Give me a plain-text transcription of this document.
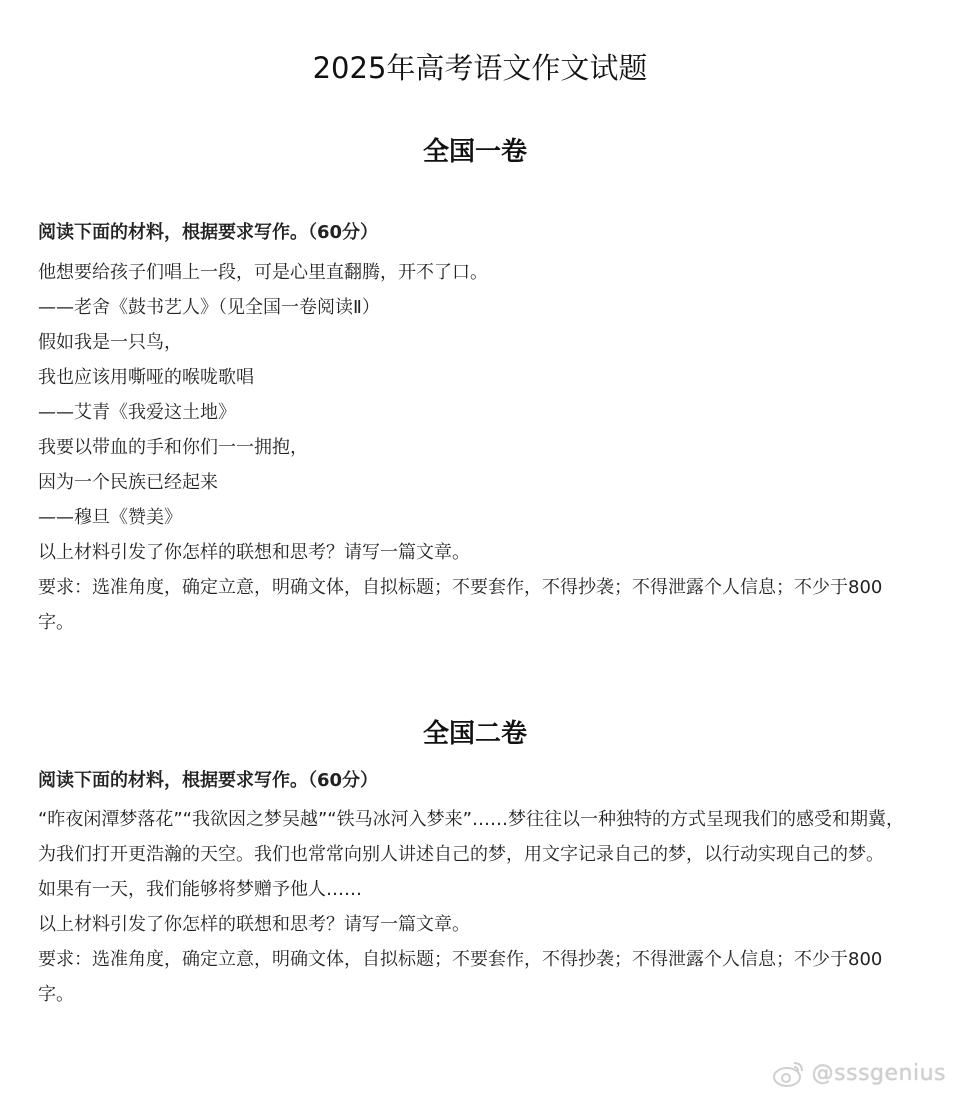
2025年高考语文作文试题
全国一卷
阅读下面的材料，根据要求写作。（60分）

他想要给孩子们唱上一段，可是心里直翻腾，开不了口。

——老舍《鼓书艺人》（见全国一卷阅读Ⅱ）

假如我是一只鸟，

我也应该用嘶哑的喉咙歌唱

——艾青《我爱这土地》

我要以带血的手和你们一一拥抱，

因为一个民族已经起来

——穆旦《赞美》

以上材料引发了你怎样的联想和思考？请写一篇文章。

要求：选准角度，确定立意，明确文体，自拟标题；不要套作，不得抄袭；不得泄露个人信息；不少于800字。

全国二卷
阅读下面的材料，根据要求写作。（60分）

“昨夜闲潭梦落花”“我欲因之梦吴越”“铁马冰河入梦来”……梦往往以一种独特的方式呈现我们的感受和期冀，为我们打开更浩瀚的天空。我们也常常向别人讲述自己的梦，用文字记录自己的梦，以行动实现自己的梦。

如果有一天，我们能够将梦赠予他人……

以上材料引发了你怎样的联想和思考？请写一篇文章。

要求：选准角度，确定立意，明确文体，自拟标题；不要套作，不得抄袭；不得泄露个人信息；不少于800字。

@sssgenius
